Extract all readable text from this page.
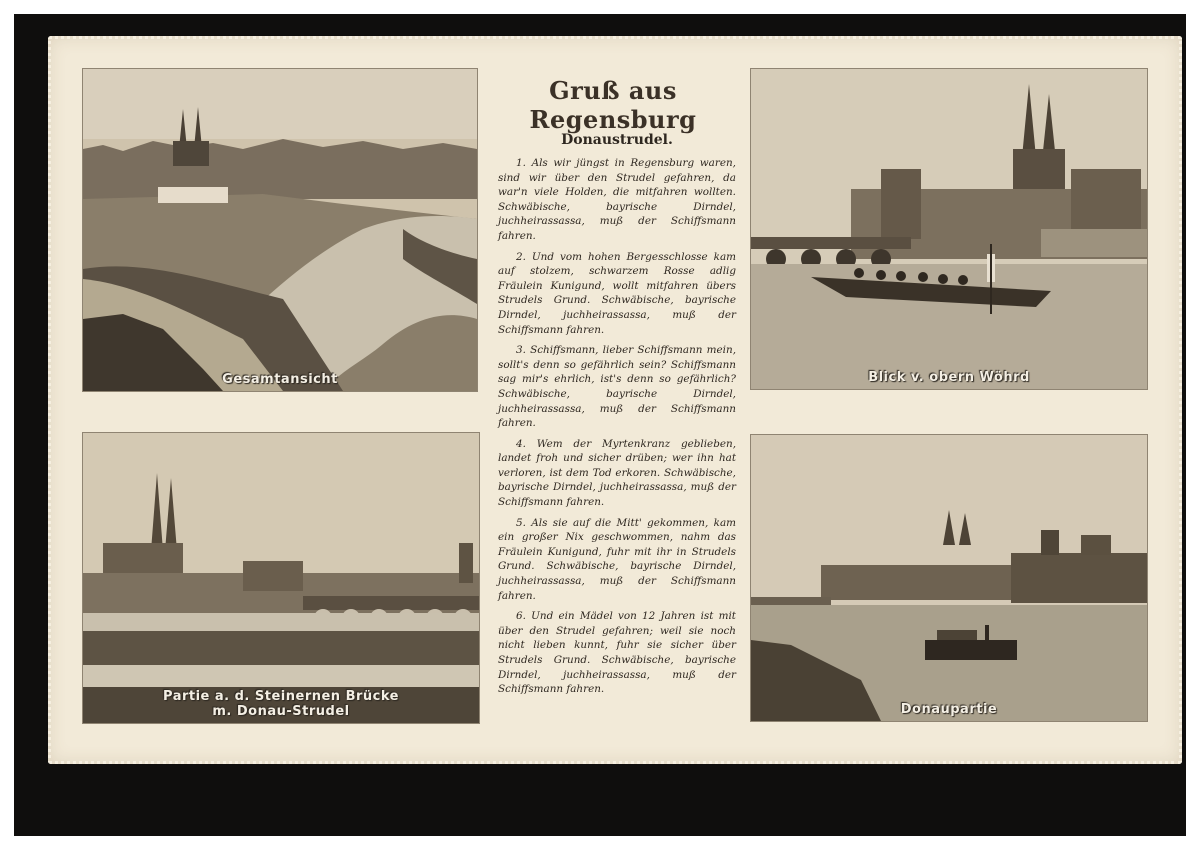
Gesamtansicht
Partie a. d. Steinernen Brücke
m. Donau-Strudel
Blick v. obern Wöhrd
Donaupartie
Gruß aus Regensburg
Donaustrudel.

1. Als wir jüngst in Regensburg waren, sind wir über den Strudel gefahren, da war'n viele Holden, die mitfahren wollten. Schwäbische, bayrische Dirndel, juchheirassassa, muß der Schiffsmann fahren.

2. Und vom hohen Bergesschlosse kam auf stolzem, schwarzem Rosse adlig Fräulein Kunigund, wollt mitfahren übers Strudels Grund. Schwäbische, bayrische Dirndel, juchheirassassa, muß der Schiffsmann fahren.

3. Schiffsmann, lieber Schiffsmann mein, sollt's denn so gefährlich sein? Schiffsmann sag mir's ehrlich, ist's denn so gefährlich? Schwäbische, bayrische Dirndel, juchheirassassa, muß der Schiffsmann fahren.

4. Wem der Myrtenkranz geblieben, landet froh und sicher drüben; wer ihn hat verloren, ist dem Tod erkoren. Schwäbische, bayrische Dirndel, juchheirassassa, muß der Schiffsmann fahren.

5. Als sie auf die Mitt' gekommen, kam ein großer Nix geschwommen, nahm das Fräulein Kunigund, fuhr mit ihr in Strudels Grund. Schwäbische, bayrische Dirndel, juchheirassassa, muß der Schiffsmann fahren.

6. Und ein Mädel von 12 Jahren ist mit über den Strudel gefahren; weil sie noch nicht lieben kunnt, fuhr sie sicher über Strudels Grund. Schwäbische, bayrische Dirndel, juchheirassassa, muß der Schiffsmann fahren.
